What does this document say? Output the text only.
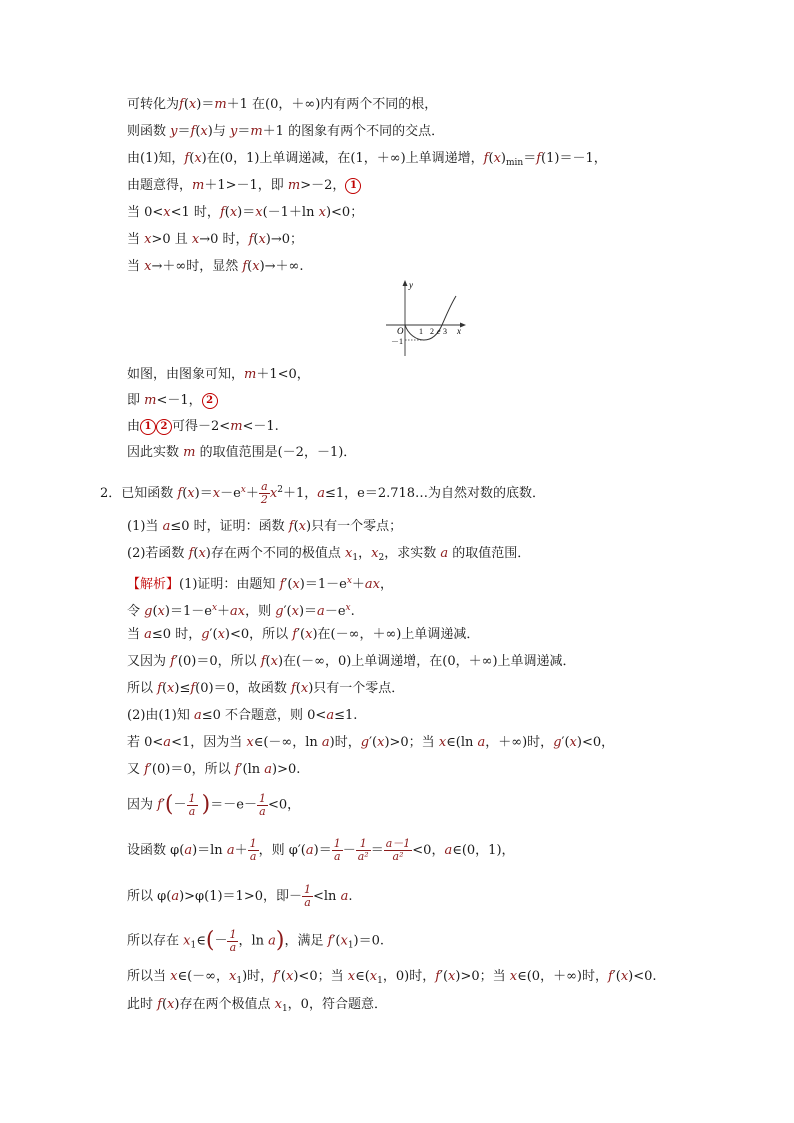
可转化为f(x)＝m＋1 在(0，＋∞)内有两个不同的根，
则函数 y＝f(x)与 y＝m＋1 的图象有两个不同的交点．
由(1)知，f(x)在(0，1)上单调递减，在(1，＋∞)上单调递增，$f(x)_{min}=f(1)=-1$，
由题意得，m＋1>－1，即 m>－2， 1
当 0<x<1 时，f(x)＝x(－1＋ln x)<0；
当 x>0 且 x→0 时，f(x)→0；
当 x→＋∞时，显然 f(x)→＋∞.
y
x
O 1 2 e 3
－1
如图，由图象可知，m＋1<0，
即 m<－1， 2
由 1 2 可得－2<m<－1.
因此实数 m 的取值范围是(－2，－1)．
2．已知函数 $f(x)=x-e^x+ \frac{a}{2} x^2+1$，a≤1，e＝2.718…为自然对数的底数．
(1)当 a≤0 时，证明：函数 f(x)只有一个零点；
(2)若函数 f(x)存在两个不同的极值点 $x_1$，$x_2$，求实数 a 的取值范围．
【解析】(1)证明：由题知 $f'(x)=1-e^x+ax$，
令 $g(x)=1-e^x+ax$，则 $g'(x)=a-e^x$.
当 a≤0 时，g′(x)<0，所以 f′(x)在(－∞，＋∞)上单调递减．
又因为 f′(0)＝0，所以 f(x)在(－∞，0)上单调递增，在(0，＋∞)上单调递减．
所以 f(x)≤f(0)＝0，故函数 f(x)只有一个零点．
(2)由(1)知 a≤0 不合题意，则 0<a≤1.
若 0<a<1，因为当 x∈(－∞，ln a)时，g′(x)>0；当 x∈(ln a，＋∞)时，g′(x)<0，
又 f′(0)＝0，所以 f′(ln a)>0.
因为 $f'(- \frac{1}{a} )=-e- \frac{1}{a} <0$，
设函数 φ(a)＝ln $a+ \frac{1}{a}$ ，则 $\varphi'(a)= \frac{1}{a} - \frac{1}{\text{a²}} = \frac{a-1}{\text{a²}} <0$，a∈(0，1)，
所以 φ(a)>φ(1)＝1>0，即－ $\frac{1}{a} <\ln$ a.
所以存在 $x_1\in(- \frac{1}{a}$ ，ln a)，满足 $f'(x_1)=0$.
所以当 x∈(－∞，$x_1$)时，f′(x)<0；当 $x\in(x_1$，0)时，f′(x)>0；当 x∈(0，＋∞)时，f′(x)<0.
此时 f(x)存在两个极值点 $x_1$，0，符合题意．
